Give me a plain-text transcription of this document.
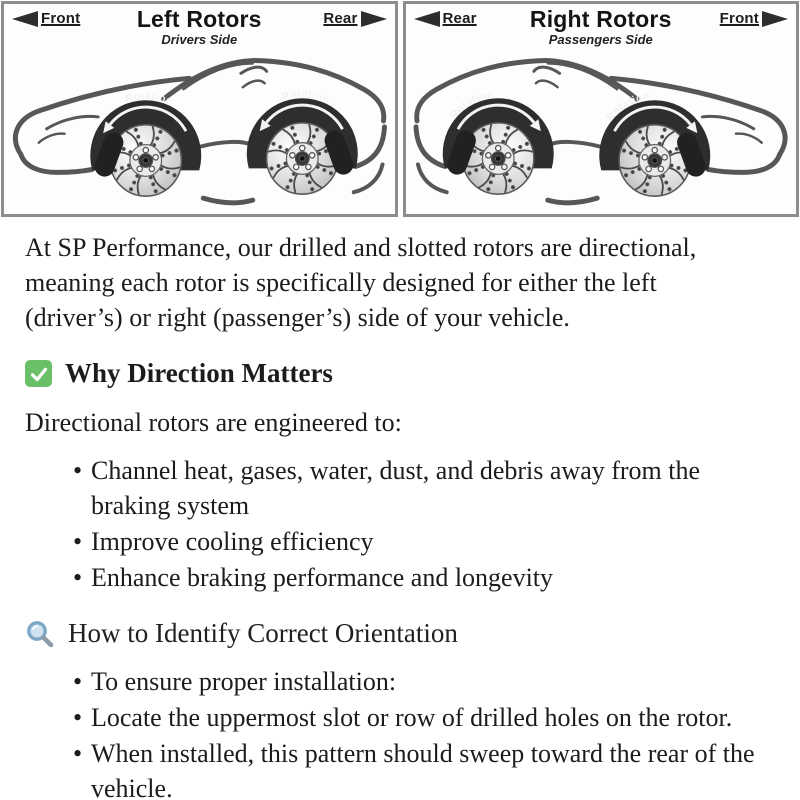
Front	Rear
Left Rotors
Drivers Side
Rotation	Rotation
Rear	Front
Right Rotors
Passengers Side
Rotation
Rotation
At SP Performance, our drilled and slotted rotors are directional,
meaning each rotor is specifically designed for either the left
(driver’s) or right (passenger’s) side of your vehicle.
Why Direction Matters
Directional rotors are engineered to:
• Channel heat, gases, water, dust, and debris away from the
braking system
• Improve cooling efficiency
• Enhance braking performance and longevity
How to Identify Correct Orientation
• To ensure proper installation:
• Locate the uppermost slot or row of drilled holes on the rotor.
• When installed, this pattern should sweep toward the rear of the
vehicle.
